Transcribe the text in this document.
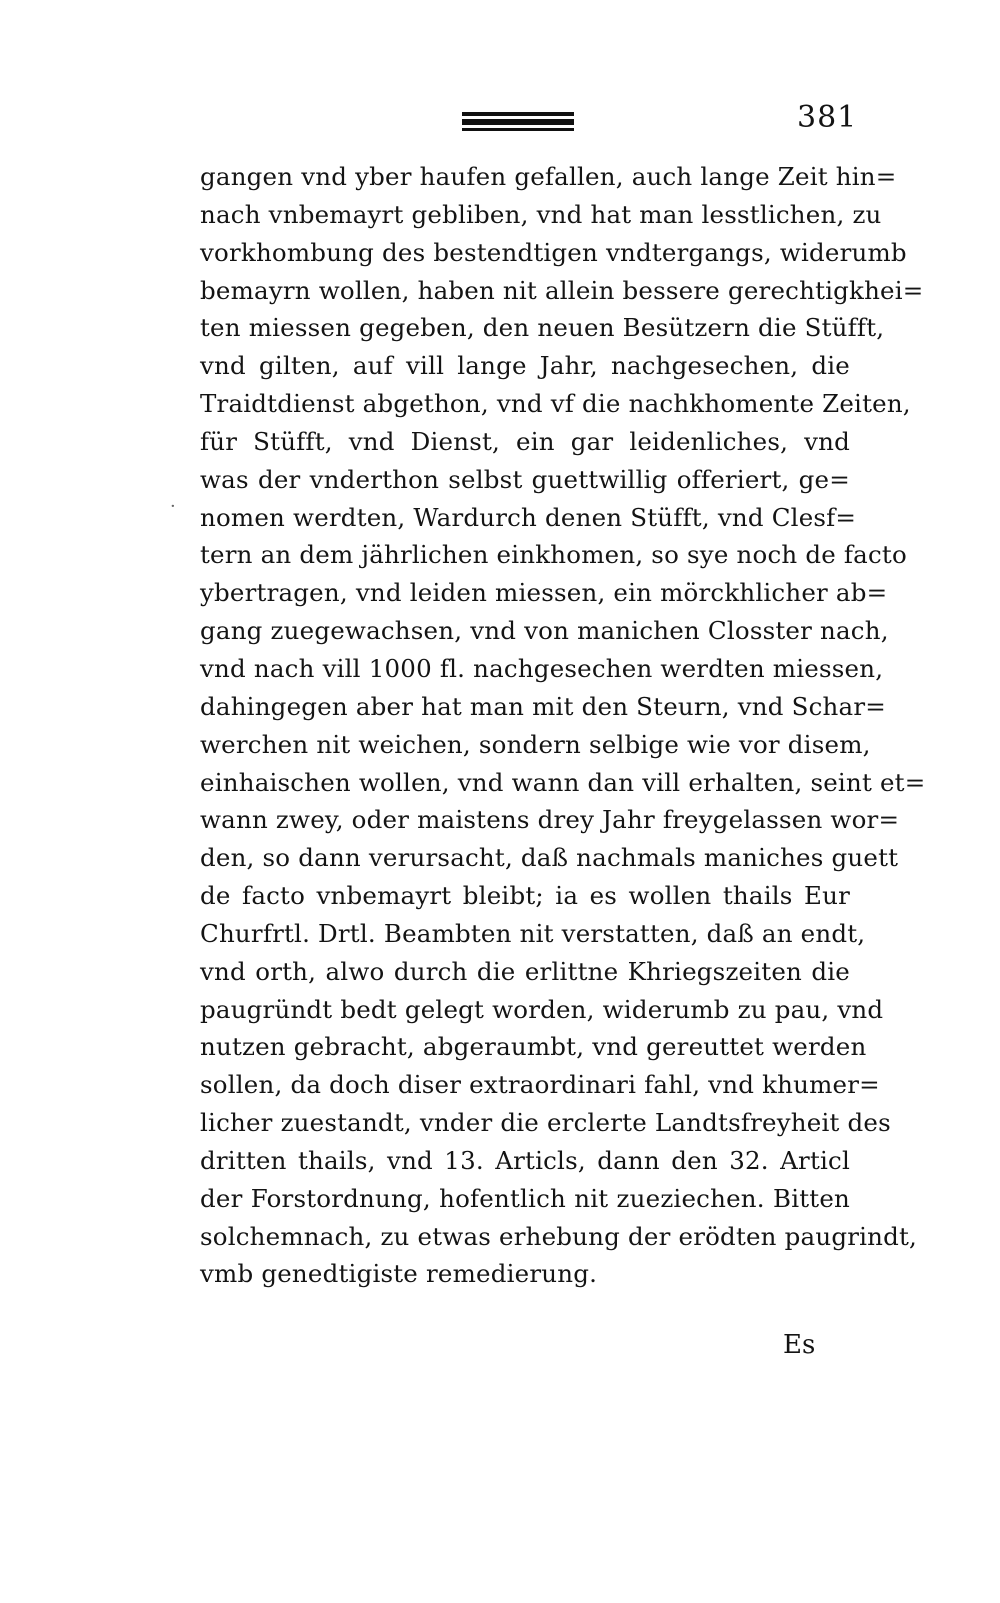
381
·
gangen vnd yber haufen gefallen, auch lange Zeit hin=
nach vnbemayrt gebliben, vnd hat man lesstlichen, zu
vorkhombung des bestendtigen vndtergangs, widerumb
bemayrn wollen, haben nit allein bessere gerechtigkhei=
ten miessen gegeben, den neuen Besützern die Stüfft,
vnd gilten, auf vill lange Jahr, nachgesechen, die
Traidtdienst abgethon, vnd vf die nachkhomente Zeiten,
für Stüfft, vnd Dienst, ein gar leidenliches, vnd
was der vnderthon selbst guettwillig offeriert, ge=
nomen werdten, Wardurch denen Stüfft, vnd Clesf=
tern an dem jährlichen einkhomen, so sye noch de facto
ybertragen, vnd leiden miessen, ein mörckhlicher ab=
gang zuegewachsen, vnd von manichen Closster nach,
vnd nach vill 1000 fl. nachgesechen werdten miessen,
dahingegen aber hat man mit den Steurn, vnd Schar=
werchen nit weichen, sondern selbige wie vor disem,
einhaischen wollen, vnd wann dan vill erhalten, seint et=
wann zwey, oder maistens drey Jahr freygelassen wor=
den, so dann verursacht, daß nachmals maniches guett
de facto vnbemayrt bleibt; ia es wollen thails Eur
Churfrtl. Drtl. Beambten nit verstatten, daß an endt,
vnd orth, alwo durch die erlittne Khriegszeiten die
paugründt bedt gelegt worden, widerumb zu pau, vnd
nutzen gebracht, abgeraumbt, vnd gereuttet werden
sollen, da doch diser extraordinari fahl, vnd khumer=
licher zuestandt, vnder die erclerte Landtsfreyheit des
dritten thails, vnd 13. Articls, dann den 32. Articl
der Forstordnung, hofentlich nit zueziechen. Bitten
solchemnach, zu etwas erhebung der erödten paugrindt,
vmb genedtigiste remedierung.
Es
